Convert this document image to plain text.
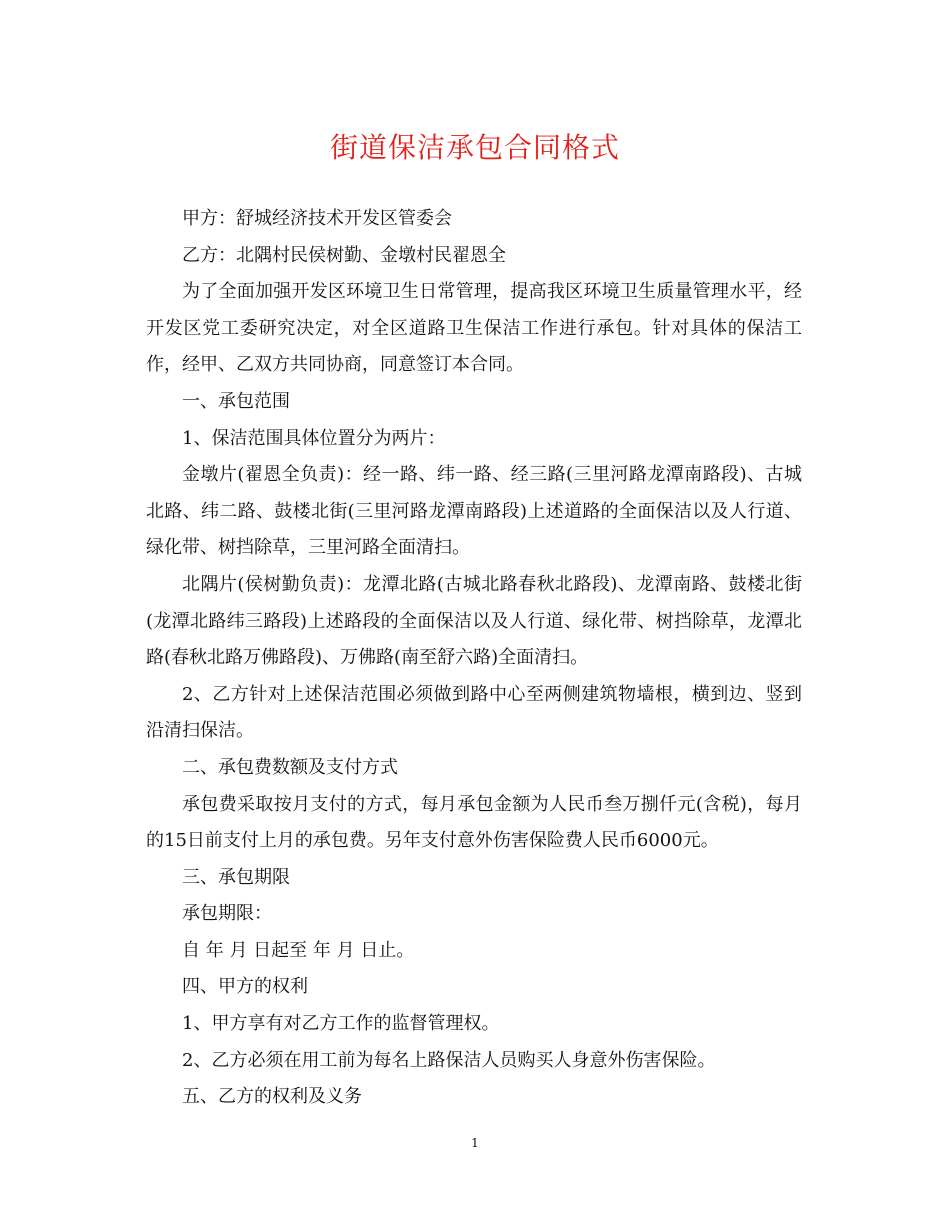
街道保洁承包合同格式

甲方：舒城经济技术开发区管委会

乙方：北隅村民侯树勤、金墩村民翟恩全

为了全面加强开发区环境卫生日常管理，提高我区环境卫生质量管理水平，经开发区党工委研究决定，对全区道路卫生保洁工作进行承包。针对具体的保洁工作，经甲、乙双方共同协商，同意签订本合同。

一、承包范围

1、保洁范围具体位置分为两片：

金墩片(翟恩全负责)：经一路、纬一路、经三路(三里河路龙潭南路段)、古城北路、纬二路、鼓楼北街(三里河路龙潭南路段)上述道路的全面保洁以及人行道、绿化带、树挡除草，三里河路全面清扫。

北隅片(侯树勤负责)：龙潭北路(古城北路春秋北路段)、龙潭南路、鼓楼北街(龙潭北路纬三路段)上述路段的全面保洁以及人行道、绿化带、树挡除草，龙潭北路(春秋北路万佛路段)、万佛路(南至舒六路)全面清扫。

2、乙方针对上述保洁范围必须做到路中心至两侧建筑物墙根，横到边、竖到沿清扫保洁。

二、承包费数额及支付方式

承包费采取按月支付的方式，每月承包金额为人民币叁万捌仟元(含税)，每月的15日前支付上月的承包费。另年支付意外伤害保险费人民币6000元。

三、承包期限

承包期限：

自 年 月 日起至 年 月 日止。

四、甲方的权利

1、甲方享有对乙方工作的监督管理权。

2、乙方必须在用工前为每名上路保洁人员购买人身意外伤害保险。

五、乙方的权利及义务

1
